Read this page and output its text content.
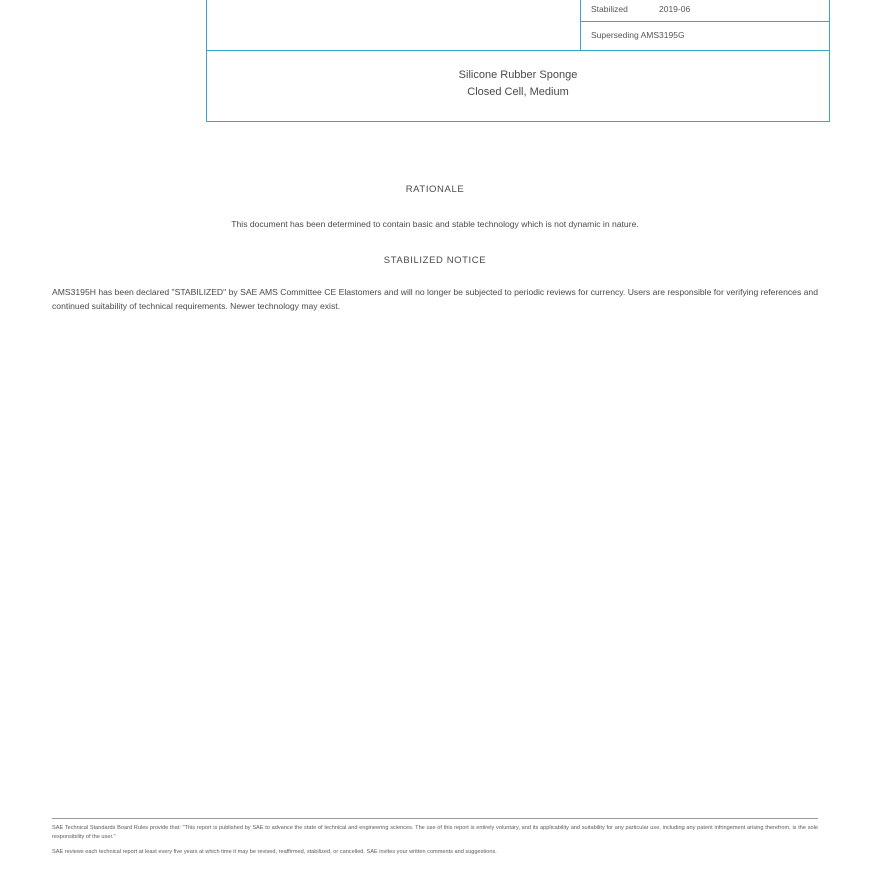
Stabilized	2019-06
Superseding AMS3195G
Silicone Rubber Sponge
Closed Cell, Medium
RATIONALE
This document has been determined to contain basic and stable technology which is not dynamic in nature.
STABILIZED NOTICE
AMS3195H has been declared "STABILIZED" by SAE AMS Committee CE Elastomers and will no longer be subjected to periodic reviews for currency. Users are responsible for verifying references and continued suitability of technical requirements. Newer technology may exist.

SAE Technical Standards Board Rules provide that: "This report is published by SAE to advance the state of technical and engineering sciences. The use of this report is entirely voluntary, and its applicability and suitability for any particular use, including any patent infringement arising therefrom, is the sole responsibility of the user."

SAE reviews each technical report at least every five years at which time it may be revised, reaffirmed, stabilized, or cancelled. SAE invites your written comments and suggestions.
